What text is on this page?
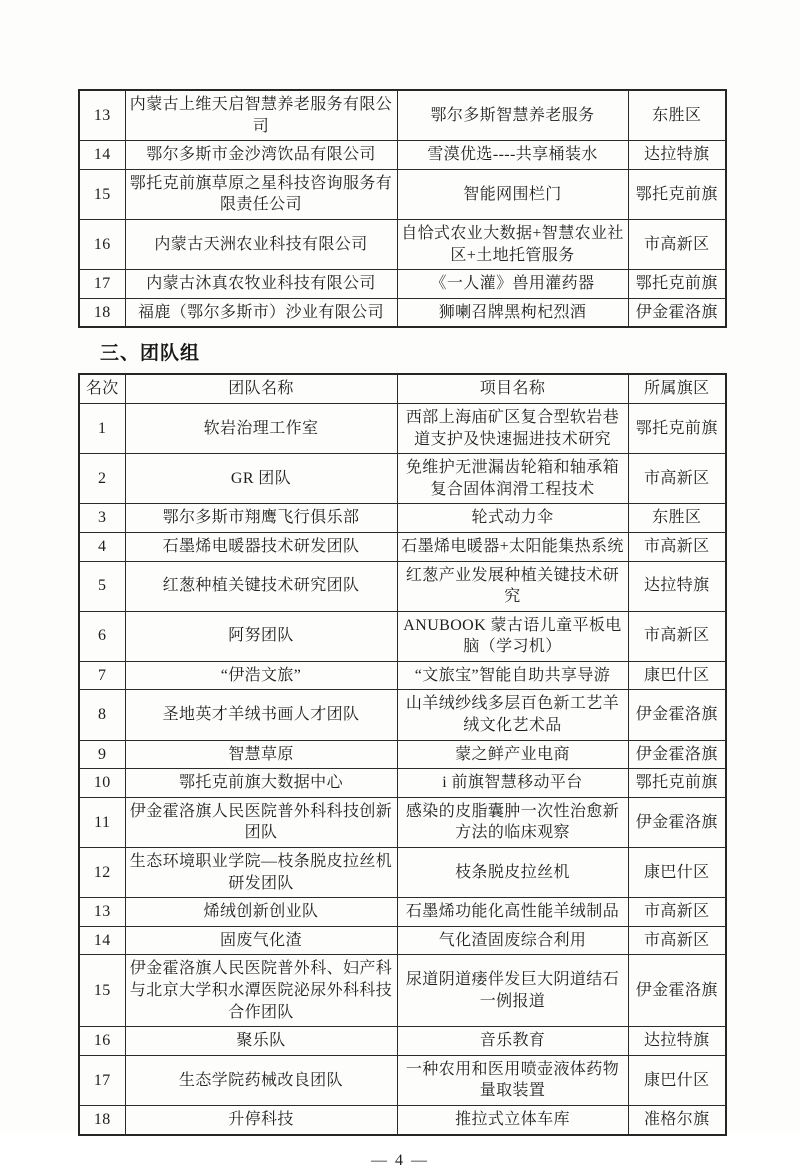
13	内蒙古上维天启智慧养老服务有限公司	鄂尔多斯智慧养老服务	东胜区
14	鄂尔多斯市金沙湾饮品有限公司	雪漠优选----共享桶装水	达拉特旗
15	鄂托克前旗草原之星科技咨询服务有限责任公司	智能网围栏门	鄂托克前旗
16	内蒙古天洲农业科技有限公司	自恰式农业大数据+智慧农业社区+土地托管服务	市高新区
17	内蒙古沐真农牧业科技有限公司	《一人灌》兽用灌药器	鄂托克前旗
18	福鹿（鄂尔多斯市）沙业有限公司	狮喇召牌黑枸杞烈酒	伊金霍洛旗
三、团队组
名次	团队名称	项目名称	所属旗区
1	软岩治理工作室	西部上海庙矿区复合型软岩巷道支护及快速掘进技术研究	鄂托克前旗
2	GR 团队	免维护无泄漏齿轮箱和轴承箱复合固体润滑工程技术	市高新区
3	鄂尔多斯市翔鹰飞行俱乐部	轮式动力伞	东胜区
4	石墨烯电暖器技术研发团队	石墨烯电暖器+太阳能集热系统	市高新区
5	红葱种植关键技术研究团队	红葱产业发展种植关键技术研究	达拉特旗
6	阿努团队	ANUBOOK 蒙古语儿童平板电脑（学习机）	市高新区
7	“伊浩文旅”	“文旅宝”智能自助共享导游	康巴什区
8	圣地英才羊绒书画人才团队	山羊绒纱线多层百色新工艺羊绒文化艺术品	伊金霍洛旗
9	智慧草原	蒙之鲜产业电商	伊金霍洛旗
10	鄂托克前旗大数据中心	i 前旗智慧移动平台	鄂托克前旗
11	伊金霍洛旗人民医院普外科科技创新团队	感染的皮脂囊肿一次性治愈新方法的临床观察	伊金霍洛旗
12	生态环境职业学院—枝条脱皮拉丝机研发团队	枝条脱皮拉丝机	康巴什区
13	烯绒创新创业队	石墨烯功能化高性能羊绒制品	市高新区
14	固废气化渣	气化渣固废综合利用	市高新区
15	伊金霍洛旗人民医院普外科、妇产科与北京大学积水潭医院泌尿外科科技合作团队	尿道阴道瘘伴发巨大阴道结石一例报道	伊金霍洛旗
16	聚乐队	音乐教育	达拉特旗
17	生态学院药械改良团队	一种农用和医用喷壶液体药物量取装置	康巴什区
18	升停科技	推拉式立体车库	准格尔旗
— 4 —
